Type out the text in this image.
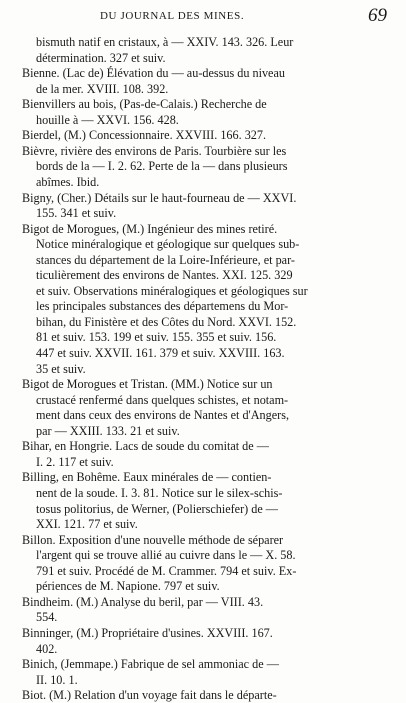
DU JOURNAL DES MINES.	69
bismuth natif en cristaux, à — XXIV. 143. 326. Leur
détermination. 327 et suiv.
Bienne. (Lac de) Élévation du — au-dessus du niveau
de la mer. XVIII. 108. 392.
Bienvillers au bois, (Pas-de-Calais.) Recherche de
houille à — XXVI. 156. 428.
Bierdel, (M.) Concessionnaire. XXVIII. 166. 327.
Bièvre, rivière des environs de Paris. Tourbière sur les
bords de la — I. 2. 62. Perte de la — dans plusieurs
abîmes. Ibid.
Bigny, (Cher.) Détails sur le haut-fourneau de — XXVI.
155. 341 et suiv.
Bigot de Morogues, (M.) Ingénieur des mines retiré.
Notice minéralogique et géologique sur quelques sub-
stances du département de la Loire-Inférieure, et par-
ticulièrement des environs de Nantes. XXI. 125. 329
et suiv. Observations minéralogiques et géologiques sur
les principales substances des départemens du Mor-
bihan, du Finistère et des Côtes du Nord. XXVI. 152.
81 et suiv. 153. 199 et suiv. 155. 355 et suiv. 156.
447 et suiv. XXVII. 161. 379 et suiv. XXVIII. 163.
35 et suiv.
Bigot de Morogues et Tristan. (MM.) Notice sur un
crustacé renfermé dans quelques schistes, et notam-
ment dans ceux des environs de Nantes et d'Angers,
par — XXIII. 133. 21 et suiv.
Bihar, en Hongrie. Lacs de soude du comitat de —
I. 2. 117 et suiv.
Billing, en Bohême. Eaux minérales de — contien-
nent de la soude. I. 3. 81. Notice sur le silex-schis-
tosus politorius, de Werner, (Polierschiefer) de —
XXI. 121. 77 et suiv.
Billon. Exposition d'une nouvelle méthode de séparer
l'argent qui se trouve allié au cuivre dans le — X. 58.
791 et suiv. Procédé de M. Crammer. 794 et suiv. Ex-
périences de M. Napione. 797 et suiv.
Bindheim. (M.) Analyse du beril, par — VIII. 43.
554.
Binninger, (M.) Propriétaire d'usines. XXVIII. 167.
402.
Binich, (Jemmape.) Fabrique de sel ammoniac de —
II. 10. 1.
Biot. (M.) Relation d'un voyage fait dans le départe-
